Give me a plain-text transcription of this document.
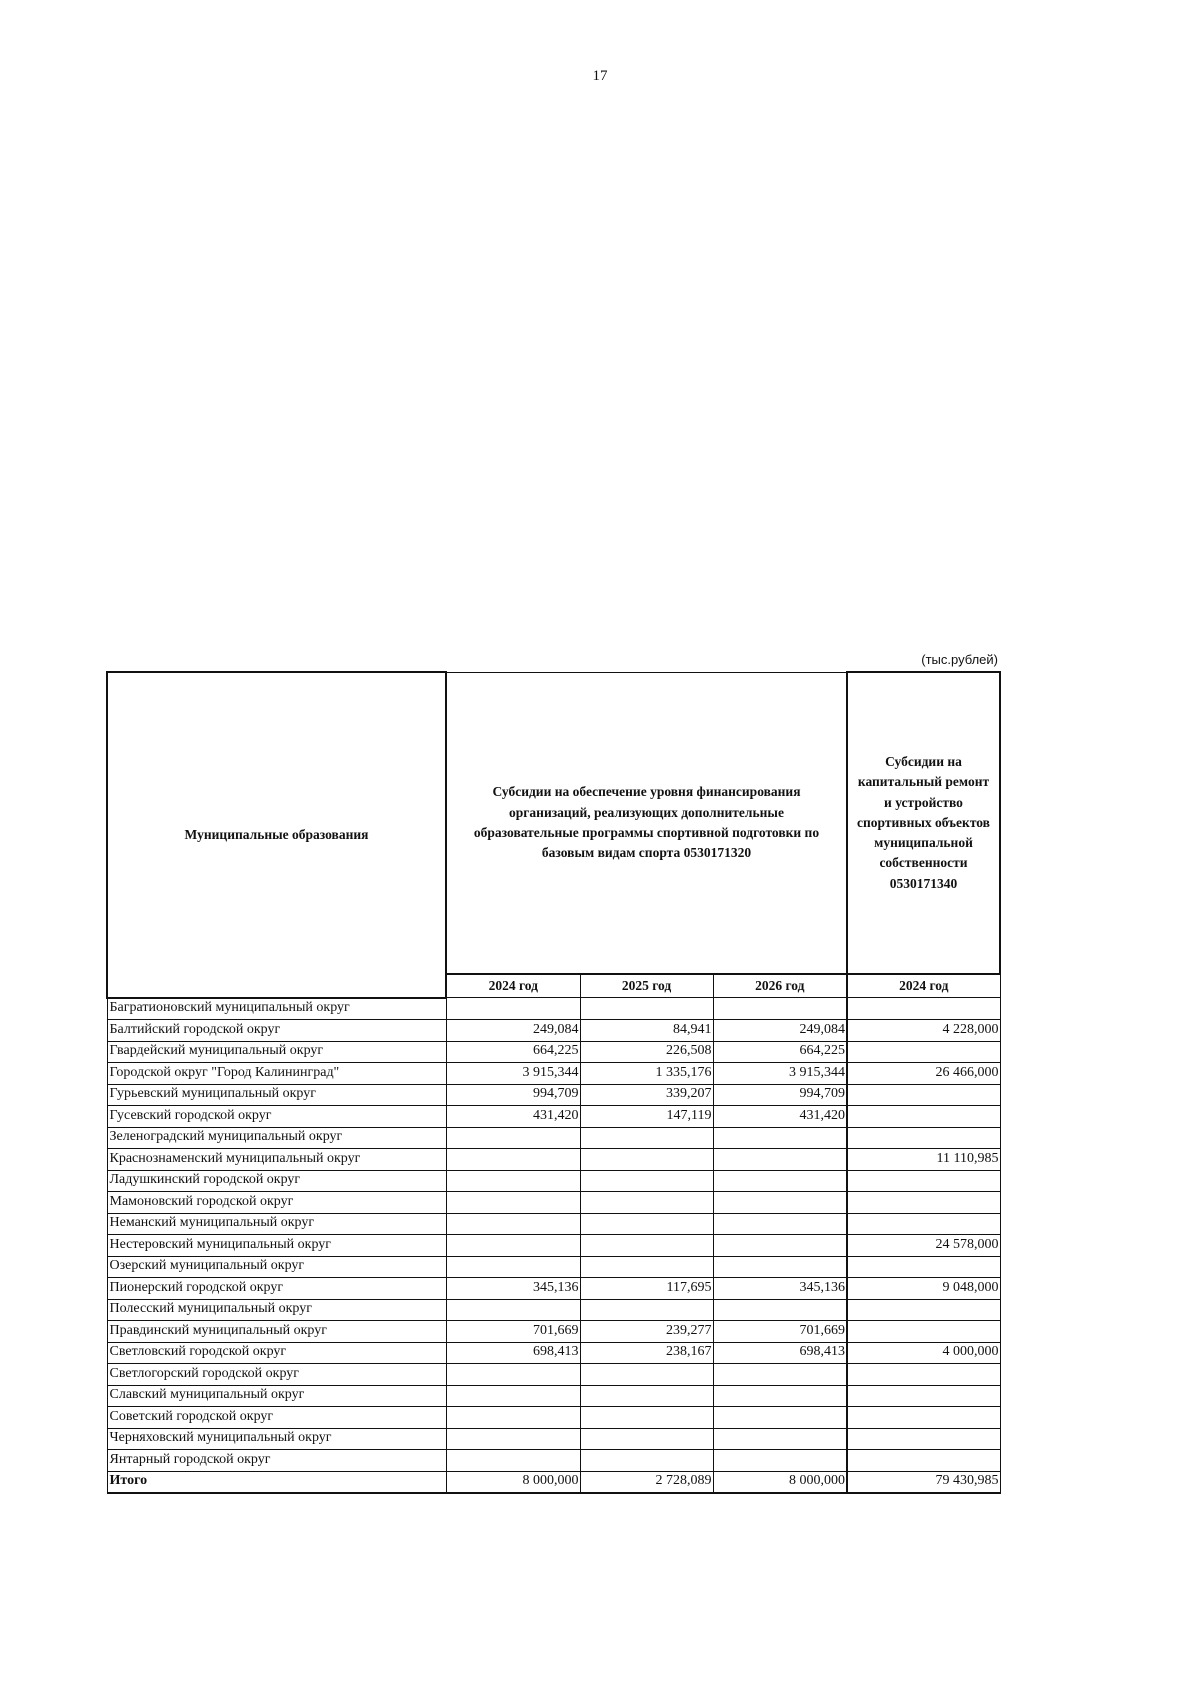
17
(тыс.рублей)
Муниципальные образования	Субсидии на обеспечение уровня финансирования организаций, реализующих дополнительные образовательные программы спортивной подготовки по базовым видам спорта 0530171320			Субсидии на капитальный ремонт и устройство спортивных объектов муниципальной собственности 0530171340
	2024 год	2025 год	2026 год	2024 год
Багратионовский муниципальный округ				
Балтийский городской округ	249,084	84,941	249,084	4 228,000
Гвардейский муниципальный округ	664,225	226,508	664,225	
Городской округ "Город Калининград"	3 915,344	1 335,176	3 915,344	26 466,000
Гурьевский муниципальный округ	994,709	339,207	994,709	
Гусевский городской округ	431,420	147,119	431,420	
Зеленоградский муниципальный округ				
Краснознаменский муниципальный округ				11 110,985
Ладушкинский городской округ				
Мамоновский городской округ				
Неманский муниципальный округ				
Нестеровский муниципальный округ				24 578,000
Озерский муниципальный округ				
Пионерский городской округ	345,136	117,695	345,136	9 048,000
Полесский муниципальный округ				
Правдинский муниципальный округ	701,669	239,277	701,669	
Светловский городской округ	698,413	238,167	698,413	4 000,000
Светлогорский городской округ				
Славский муниципальный округ				
Советский городской округ				
Черняховский муниципальный округ				
Янтарный городской округ				
Итого	8 000,000	2 728,089	8 000,000	79 430,985
